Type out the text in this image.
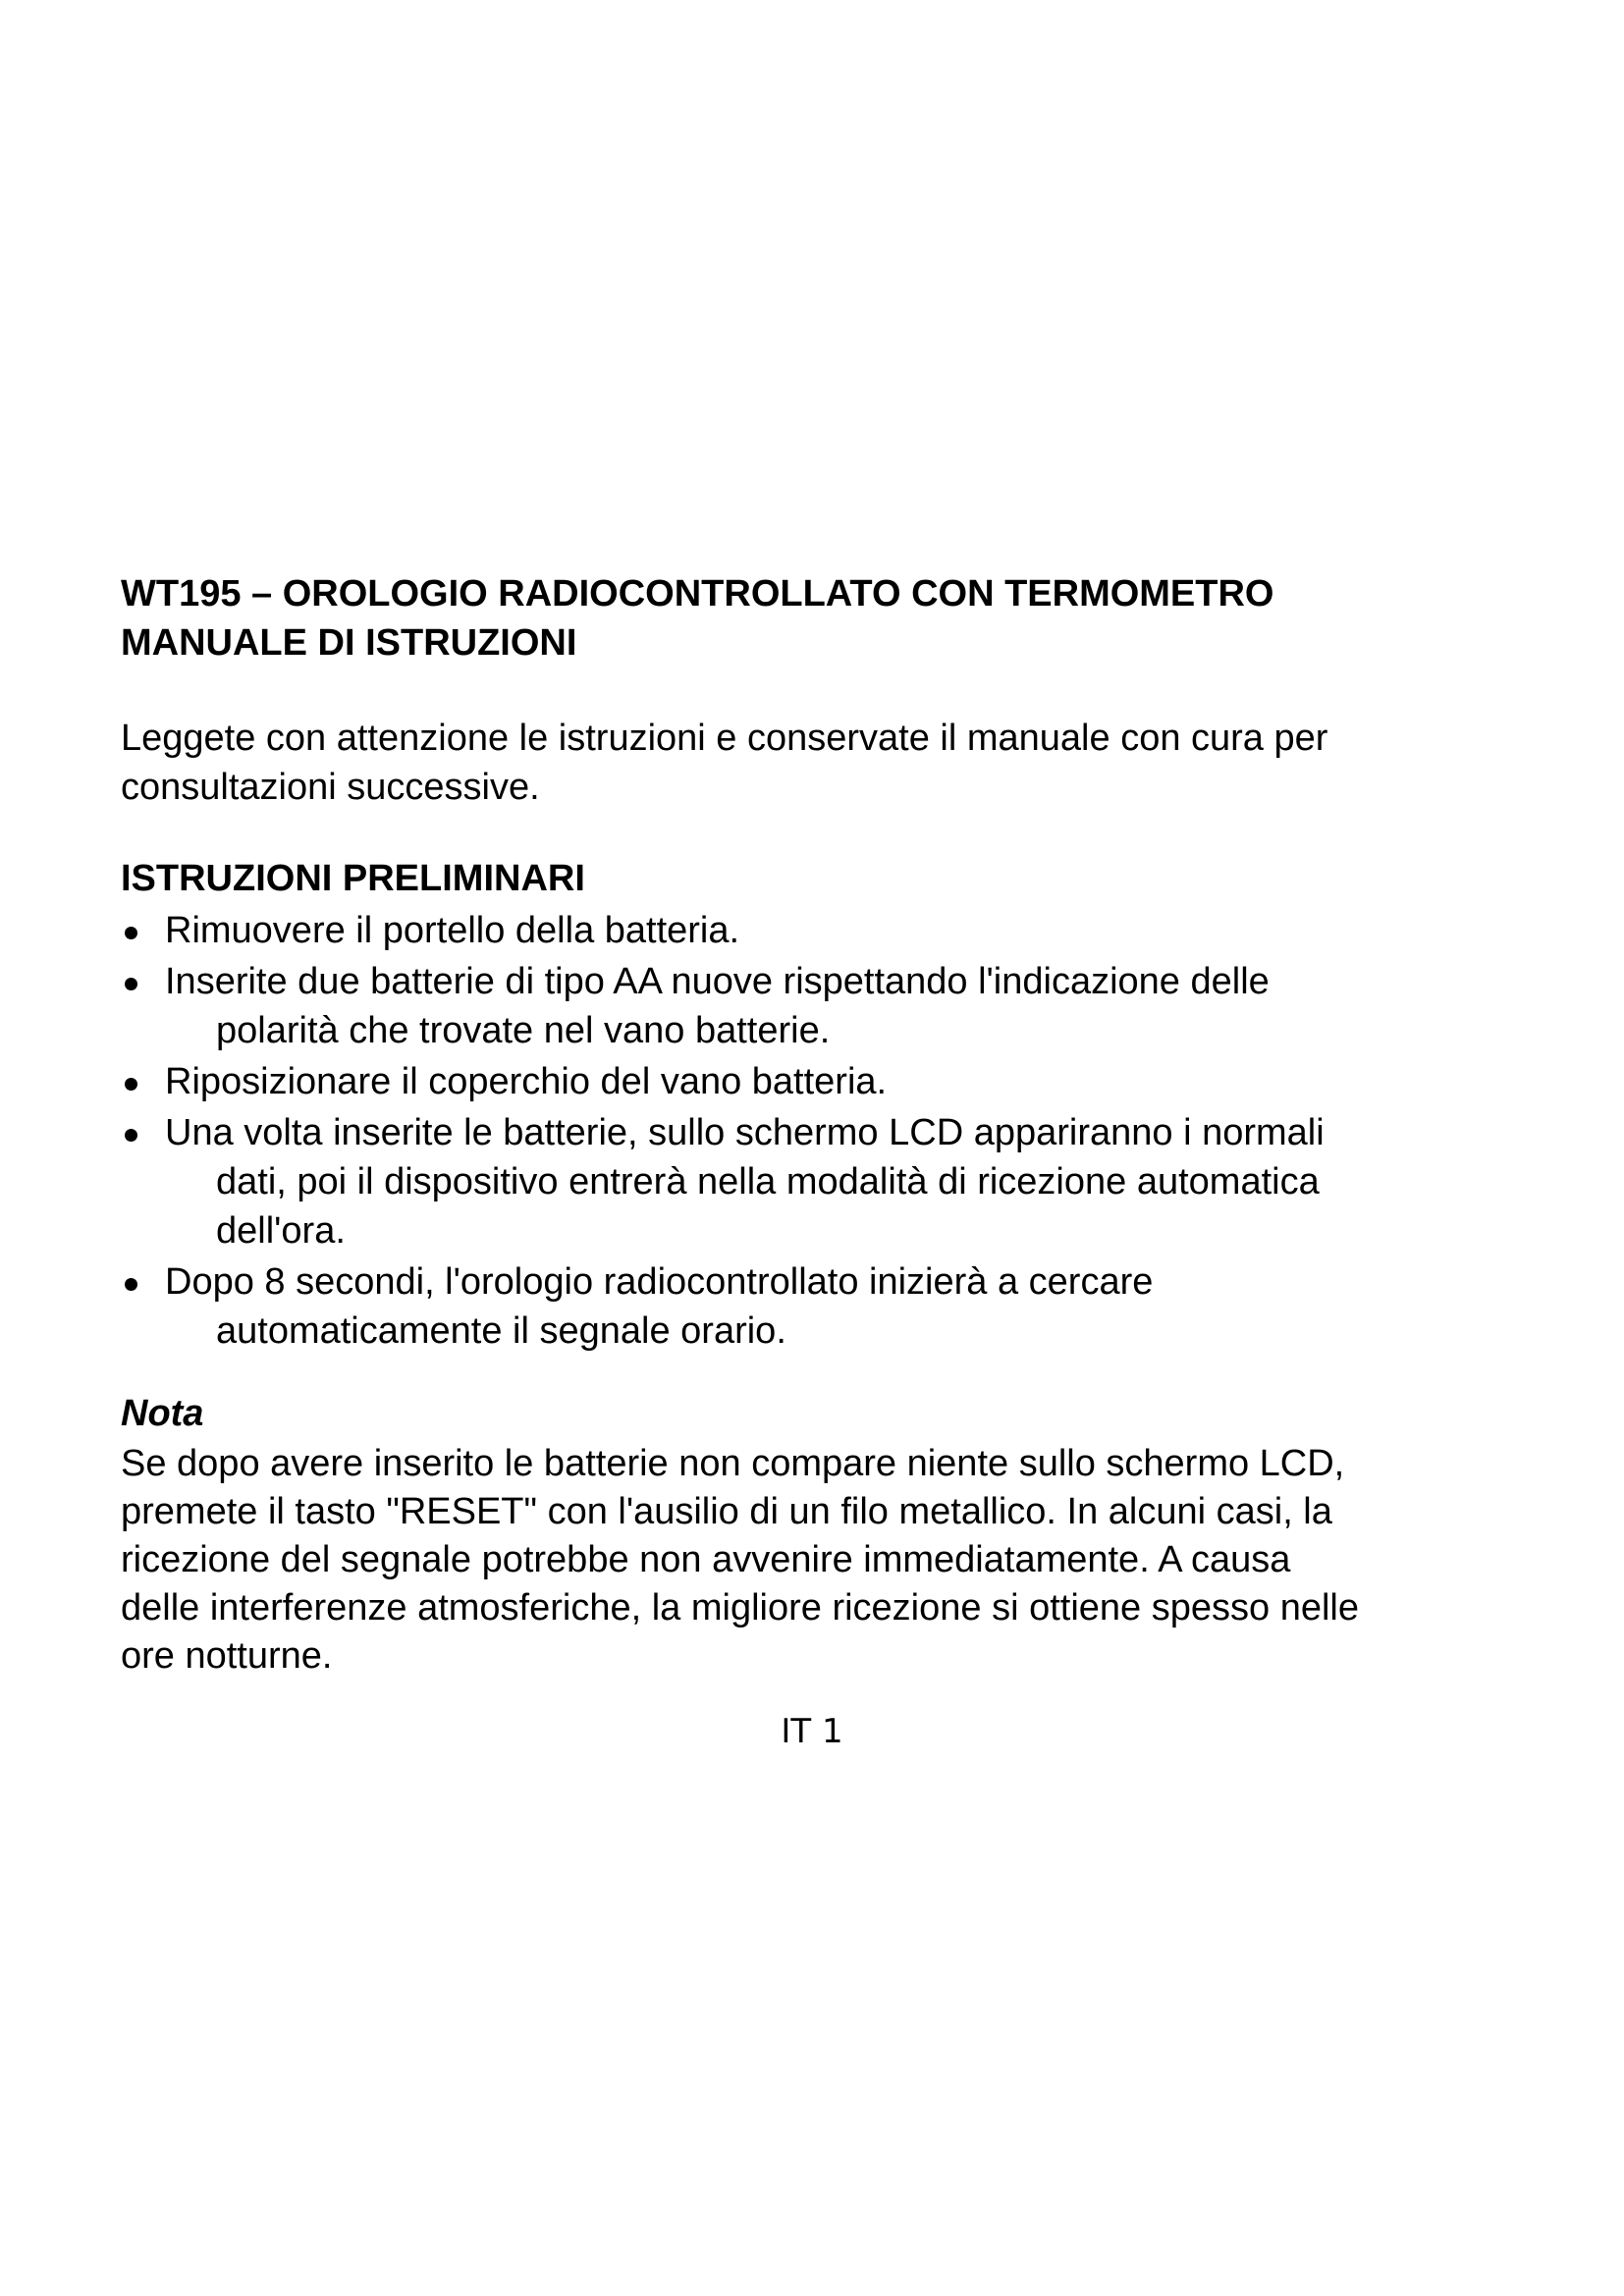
WT195 – OROLOGIO RADIOCONTROLLATO CON TERMOMETRO
MANUALE DI ISTRUZIONI

Leggete con attenzione le istruzioni e conservate il manuale con cura per
consultazioni successive.

ISTRUZIONI PRELIMINARI
Rimuovere il portello della batteria.
Inserite due batterie di tipo AA nuove rispettando l'indicazione delle
polarità che trovate nel vano batterie.
Riposizionare il coperchio del vano batteria.
Una volta inserite le batterie, sullo schermo LCD appariranno i normali
dati, poi il dispositivo entrerà nella modalità di ricezione automatica
dell'ora.
Dopo 8 secondi, l'orologio radiocontrollato inizierà a cercare
automaticamente il segnale orario.
Nota

Se dopo avere inserito le batterie non compare niente sullo schermo LCD,
premete il tasto "RESET" con l'ausilio di un filo metallico. In alcuni casi, la
ricezione del segnale potrebbe non avvenire immediatamente. A causa
delle interferenze atmosferiche, la migliore ricezione si ottiene spesso nelle
ore notturne.

IT 1
